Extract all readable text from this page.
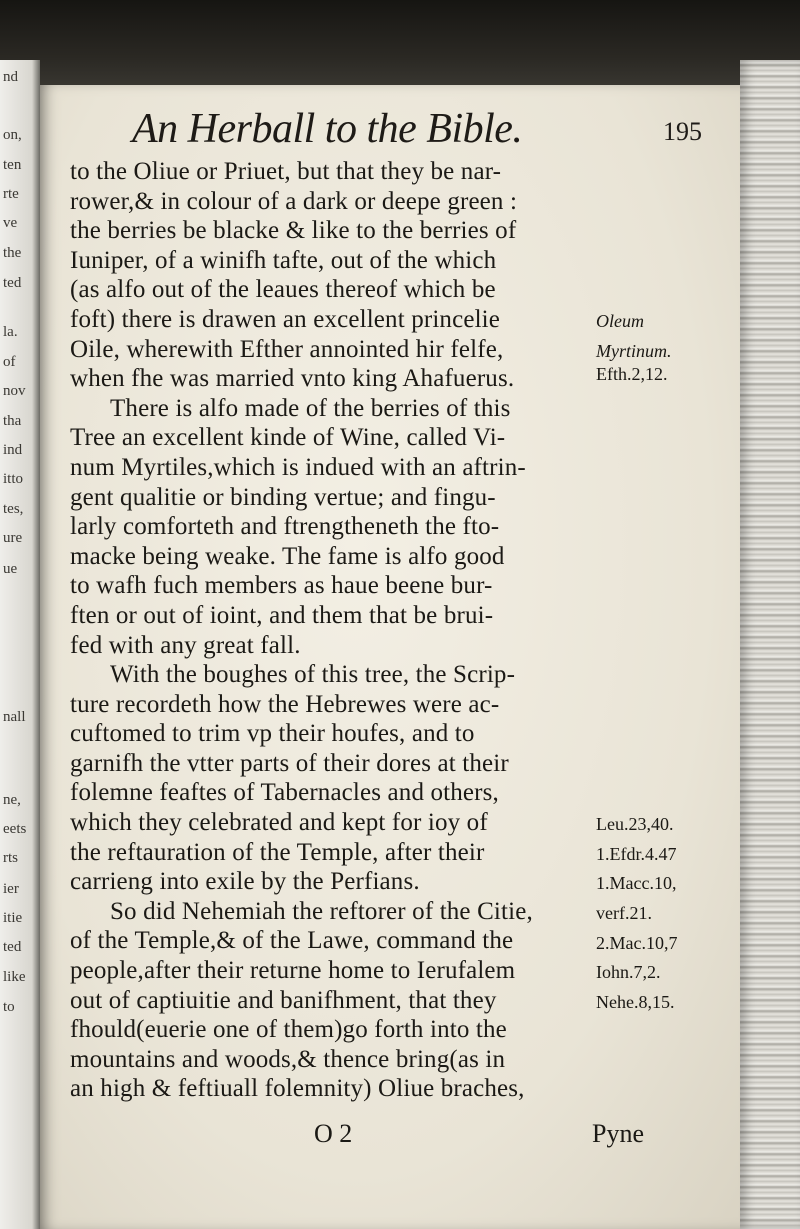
nd
on,
ten
rte
ve
the
ted
la.
of
nov
tha
ind
itto
tes,
ure
ue
nall
ne,
eets
rts
ier
itie
ted
like
to
An Herball to the Bible.	195
to the Oliue or Priuet, but that they be nar-
rower,& in colour of a dark or deepe green :
the berries be blacke & like to the berries of
Iuniper, of a winifh tafte, out of the which
(as alfo out of the leaues thereof which be
foft) there is drawen an excellent princelie
Oile, wherewith Efther annointed hir felfe,
when fhe was married vnto king Ahafuerus.
There is alfo made of the berries of this
Tree an excellent kinde of Wine, called Vi-
num Myrtiles,which is indued with an aftrin-
gent qualitie or binding vertue; and fingu-
larly comforteth and ftrengtheneth the fto-
macke being weake. The fame is alfo good
to wafh fuch members as haue beene bur-
ften or out of ioint, and them that be brui-
fed with any great fall.
With the boughes of this tree, the Scrip-
ture recordeth how the Hebrewes were ac-
cuftomed to trim vp their houfes, and to
garnifh the vtter parts of their dores at their
folemne feaftes of Tabernacles and others,
which they celebrated and kept for ioy of
the reftauration of the Temple, after their
carrieng into exile by the Perfians.
So did Nehemiah the reftorer of the Citie,
of the Temple,& of the Lawe, command the
people,after their returne home to Ierufalem
out of captiuitie and banifhment, that they
fhould(euerie one of them)go forth into the
mountains and woods,& thence bring(as in
an high & feftiuall folemnity) Oliue braches,
Oleum
Myrtinum.
Efth.2,12.
Leu.23,40.
1.Efdr.4.47
1.Macc.10,
verf.21.
2.Mac.10,7
Iohn.7,2.
Nehe.8,15.
O 2	Pyne
